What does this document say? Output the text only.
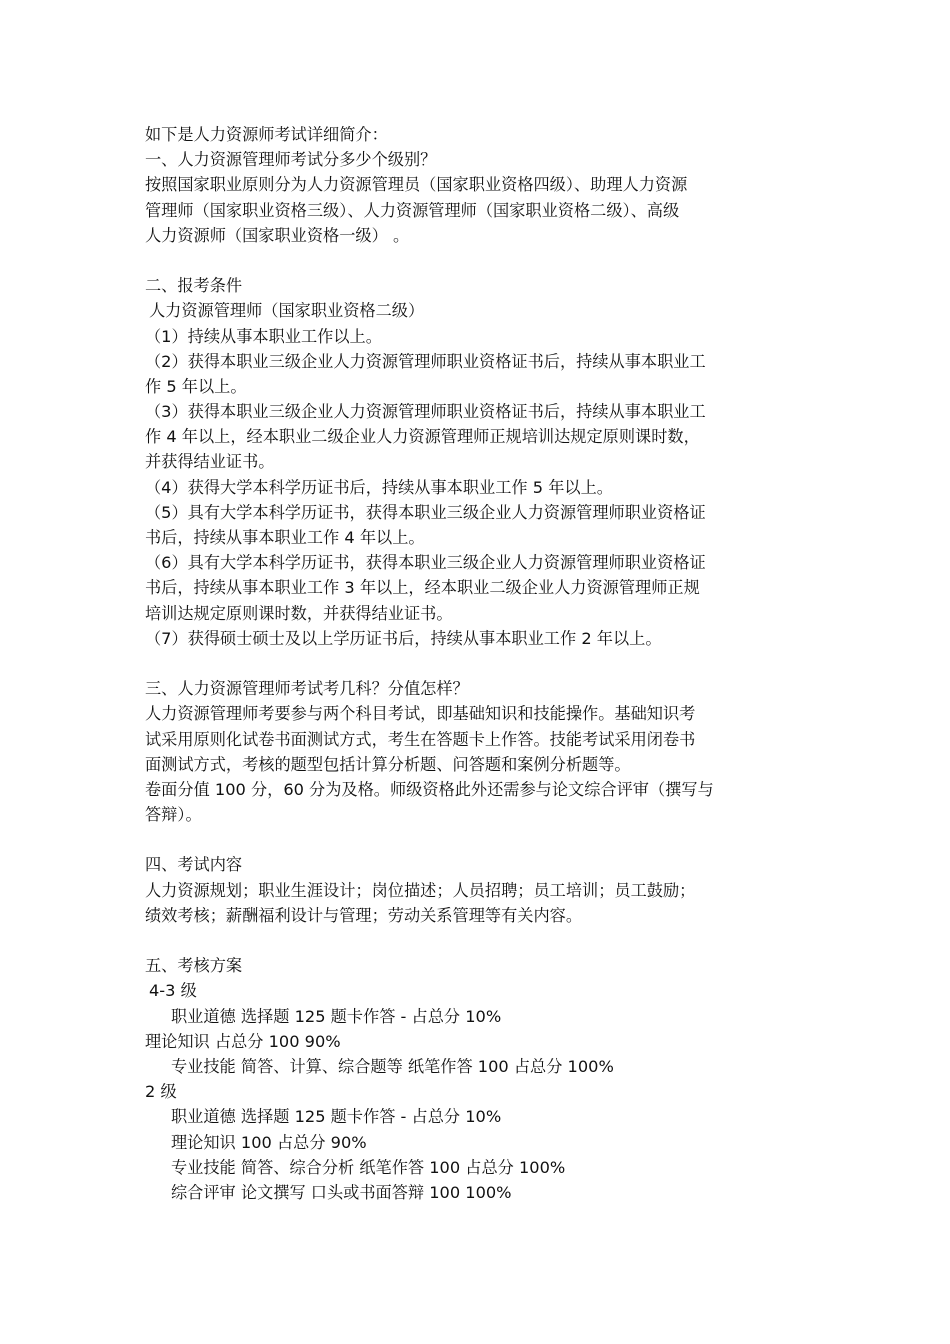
如下是人力资源师考试详细简介：
一、人力资源管理师考试分多少个级别？
按照国家职业原则分为人力资源管理员（国家职业资格四级）、助理人力资源
管理师（国家职业资格三级）、人力资源管理师（国家职业资格二级）、高级
人力资源师（国家职业资格一级） 。
二、报考条件
人力资源管理师（国家职业资格二级）
（1）持续从事本职业工作以上。
（2）获得本职业三级企业人力资源管理师职业资格证书后，持续从事本职业工
作 5 年以上。
（3）获得本职业三级企业人力资源管理师职业资格证书后，持续从事本职业工
作 4 年以上，经本职业二级企业人力资源管理师正规培训达规定原则课时数，
并获得结业证书。
（4）获得大学本科学历证书后，持续从事本职业工作 5 年以上。
（5）具有大学本科学历证书，获得本职业三级企业人力资源管理师职业资格证
书后，持续从事本职业工作 4 年以上。
（6）具有大学本科学历证书，获得本职业三级企业人力资源管理师职业资格证
书后，持续从事本职业工作 3 年以上，经本职业二级企业人力资源管理师正规
培训达规定原则课时数，并获得结业证书。
（7）获得硕士硕士及以上学历证书后，持续从事本职业工作 2 年以上。
三、人力资源管理师考试考几科？分值怎样？
人力资源管理师考要参与两个科目考试，即基础知识和技能操作。基础知识考
试采用原则化试卷书面测试方式，考生在答题卡上作答。技能考试采用闭卷书
面测试方式，考核的题型包括计算分析题、问答题和案例分析题等。
卷面分值 100 分，60 分为及格。师级资格此外还需参与论文综合评审（撰写与
答辩）。
四、考试内容
人力资源规划；职业生涯设计；岗位描述；人员招聘；员工培训；员工鼓励；
绩效考核；薪酬福利设计与管理；劳动关系管理等有关内容。
五、考核方案
4-3 级
职业道德 选择题 125 题卡作答 - 占总分 10%
理论知识 占总分 100 90%
专业技能 简答、计算、综合题等 纸笔作答 100 占总分 100%
2 级
职业道德 选择题 125 题卡作答 - 占总分 10%
理论知识 100 占总分 90%
专业技能 简答、综合分析 纸笔作答 100 占总分 100%
综合评审 论文撰写 口头或书面答辩 100 100%
